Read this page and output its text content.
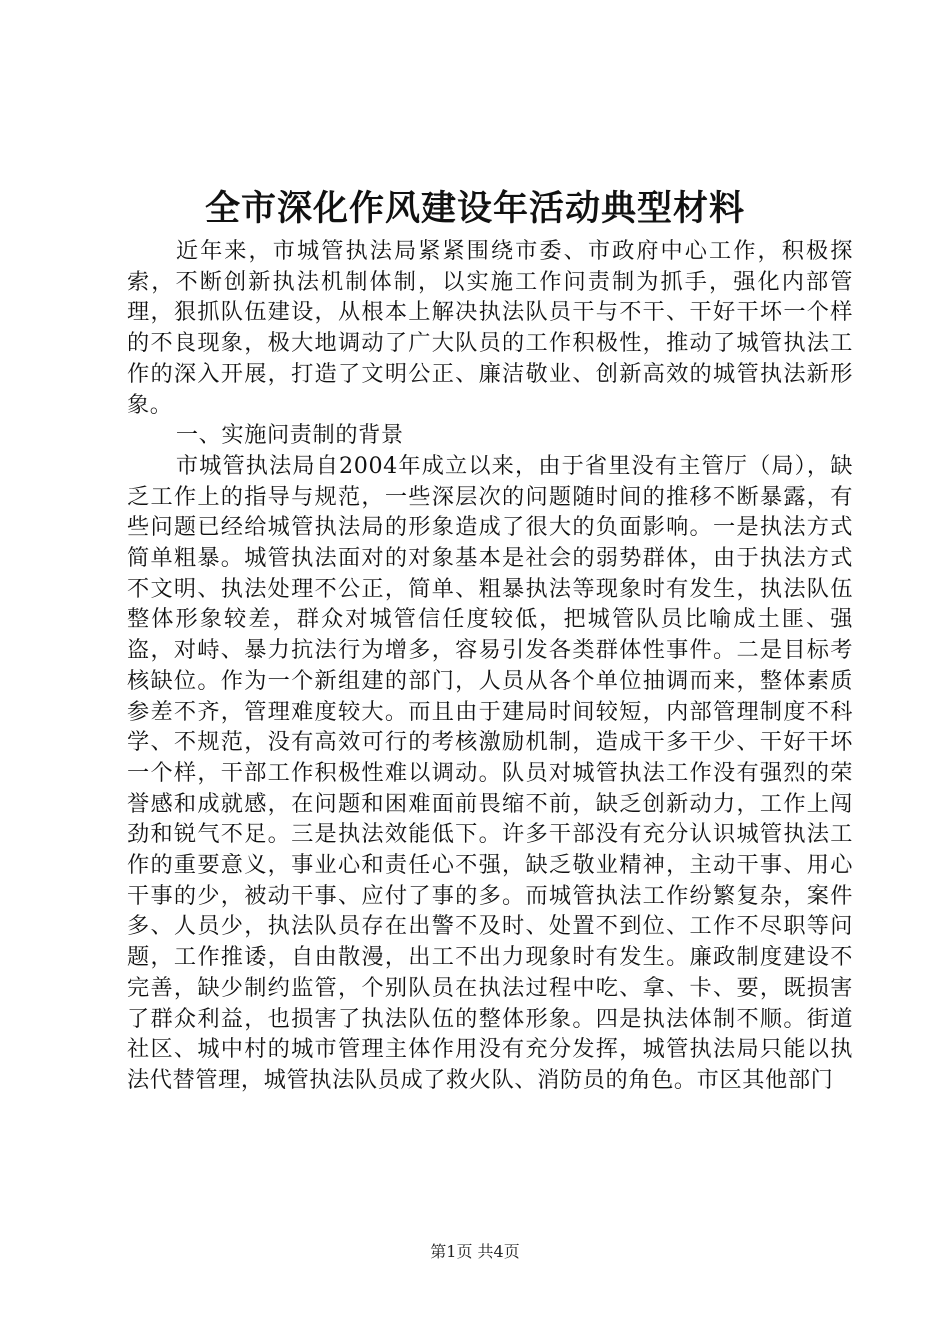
全市深化作风建设年活动典型材料

近年来，市城管执法局紧紧围绕市委、市政府中心工作，积极探索，不断创新执法机制体制，以实施工作问责制为抓手，强化内部管理，狠抓队伍建设，从根本上解决执法队员干与不干、干好干坏一个样的不良现象，极大地调动了广大队员的工作积极性，推动了城管执法工作的深入开展，打造了文明公正、廉洁敬业、创新高效的城管执法新形象。

一、实施问责制的背景

市城管执法局自2004年成立以来，由于省里没有主管厅（局），缺乏工作上的指导与规范，一些深层次的问题随时间的推移不断暴露，有些问题已经给城管执法局的形象造成了很大的负面影响。一是执法方式简单粗暴。城管执法面对的对象基本是社会的弱势群体，由于执法方式不文明、执法处理不公正，简单、粗暴执法等现象时有发生，执法队伍整体形象较差，群众对城管信任度较低，把城管队员比喻成土匪、强盗，对峙、暴力抗法行为增多，容易引发各类群体性事件。二是目标考核缺位。作为一个新组建的部门，人员从各个单位抽调而来，整体素质参差不齐，管理难度较大。而且由于建局时间较短，内部管理制度不科学、不规范，没有高效可行的考核激励机制，造成干多干少、干好干坏一个样，干部工作积极性难以调动。队员对城管执法工作没有强烈的荣誉感和成就感，在问题和困难面前畏缩不前，缺乏创新动力，工作上闯劲和锐气不足。三是执法效能低下。许多干部没有充分认识城管执法工作的重要意义，事业心和责任心不强，缺乏敬业精神，主动干事、用心干事的少，被动干事、应付了事的多。而城管执法工作纷繁复杂，案件多、人员少，执法队员存在出警不及时、处置不到位、工作不尽职等问题，工作推诿，自由散漫，出工不出力现象时有发生。廉政制度建设不完善，缺少制约监管，个别队员在执法过程中吃、拿、卡、要，既损害了群众利益，也损害了执法队伍的整体形象。四是执法体制不顺。街道社区、城中村的城市管理主体作用没有充分发挥，城管执法局只能以执法代替管理，城管执法队员成了救火队、消防员的角色。市区其他部门

第1页 共4页
